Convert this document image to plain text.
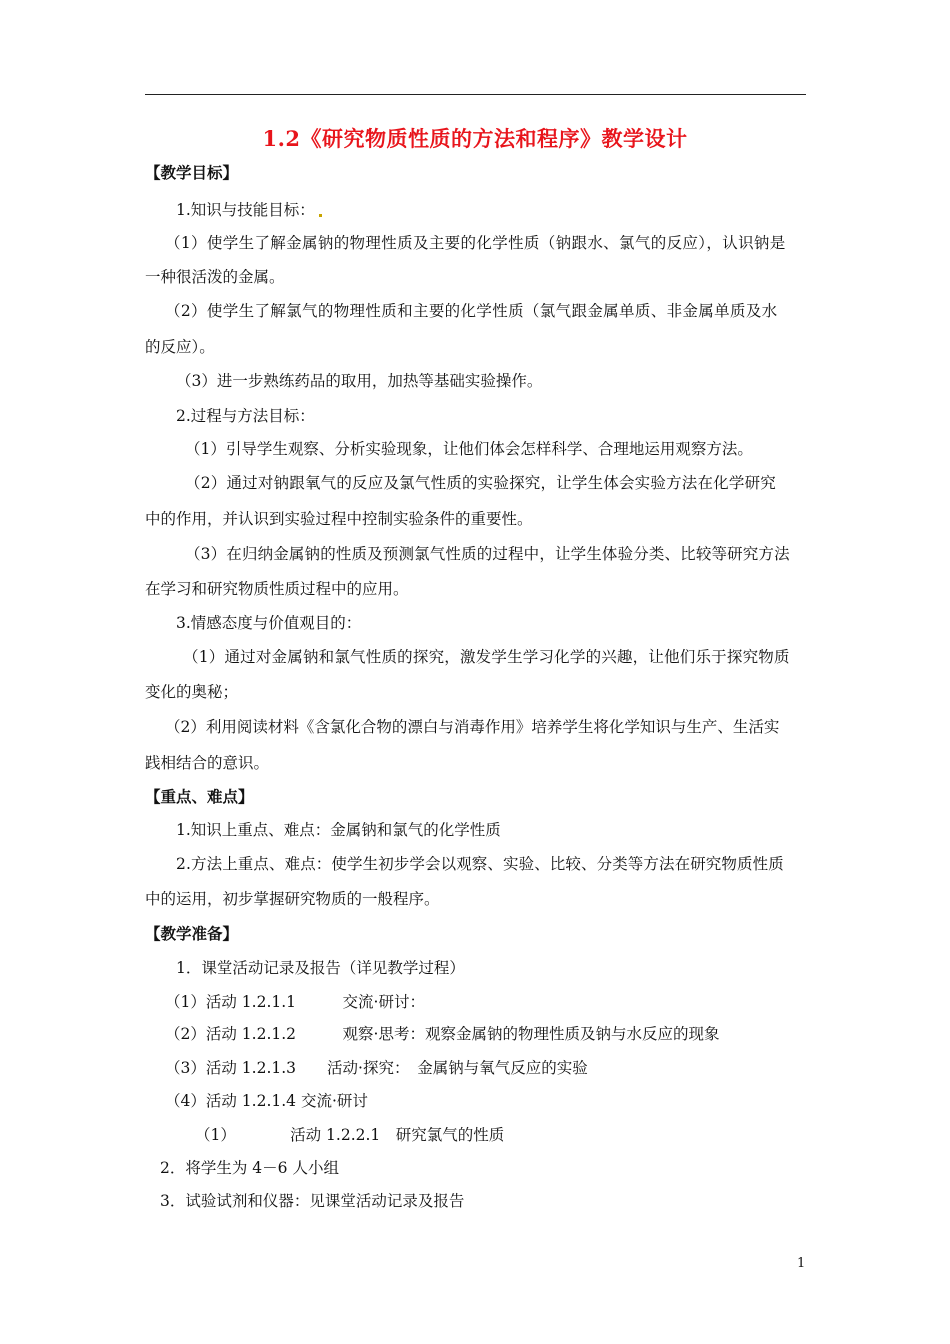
1.2《研究物质性质的方法和程序》教学设计
【教学目标】
1.知识与技能目标：
（1）使学生了解金属钠的物理性质及主要的化学性质（钠跟水、氯气的反应），认识钠是
一种很活泼的金属。
（2）使学生了解氯气的物理性质和主要的化学性质（氯气跟金属单质、非金属单质及水
的反应）。
（3）进一步熟练药品的取用，加热等基础实验操作。
2.过程与方法目标：
（1）引导学生观察、分析实验现象，让他们体会怎样科学、合理地运用观察方法。
（2）通过对钠跟氧气的反应及氯气性质的实验探究，让学生体会实验方法在化学研究
中的作用，并认识到实验过程中控制实验条件的重要性。
（3）在归纳金属钠的性质及预测氯气性质的过程中，让学生体验分类、比较等研究方法
在学习和研究物质性质过程中的应用。
3.情感态度与价值观目的：
（1）通过对金属钠和氯气性质的探究，激发学生学习化学的兴趣，让他们乐于探究物质
变化的奥秘；
（2）利用阅读材料《含氯化合物的漂白与消毒作用》培养学生将化学知识与生产、生活实
践相结合的意识。
【重点、难点】
1.知识上重点、难点：金属钠和氯气的化学性质
2.方法上重点、难点：使学生初步学会以观察、实验、比较、分类等方法在研究物质性质
中的运用，初步掌握研究物质的一般程序。
【教学准备】
1．课堂活动记录及报告（详见教学过程）
（1）活动 1.2.1.1　　　交流·研讨：
（2）活动 1.2.1.2　　　观察·思考：观察金属钠的物理性质及钠与水反应的现象
（3）活动 1.2.1.3　　活动·探究：　金属钠与氧气反应的实验
（4）活动 1.2.1.4 交流·研讨
（1）　　　　活动 1.2.2.1　研究氯气的性质
2．将学生为 4－6 人小组
3．试验试剂和仪器：见课堂活动记录及报告
1
